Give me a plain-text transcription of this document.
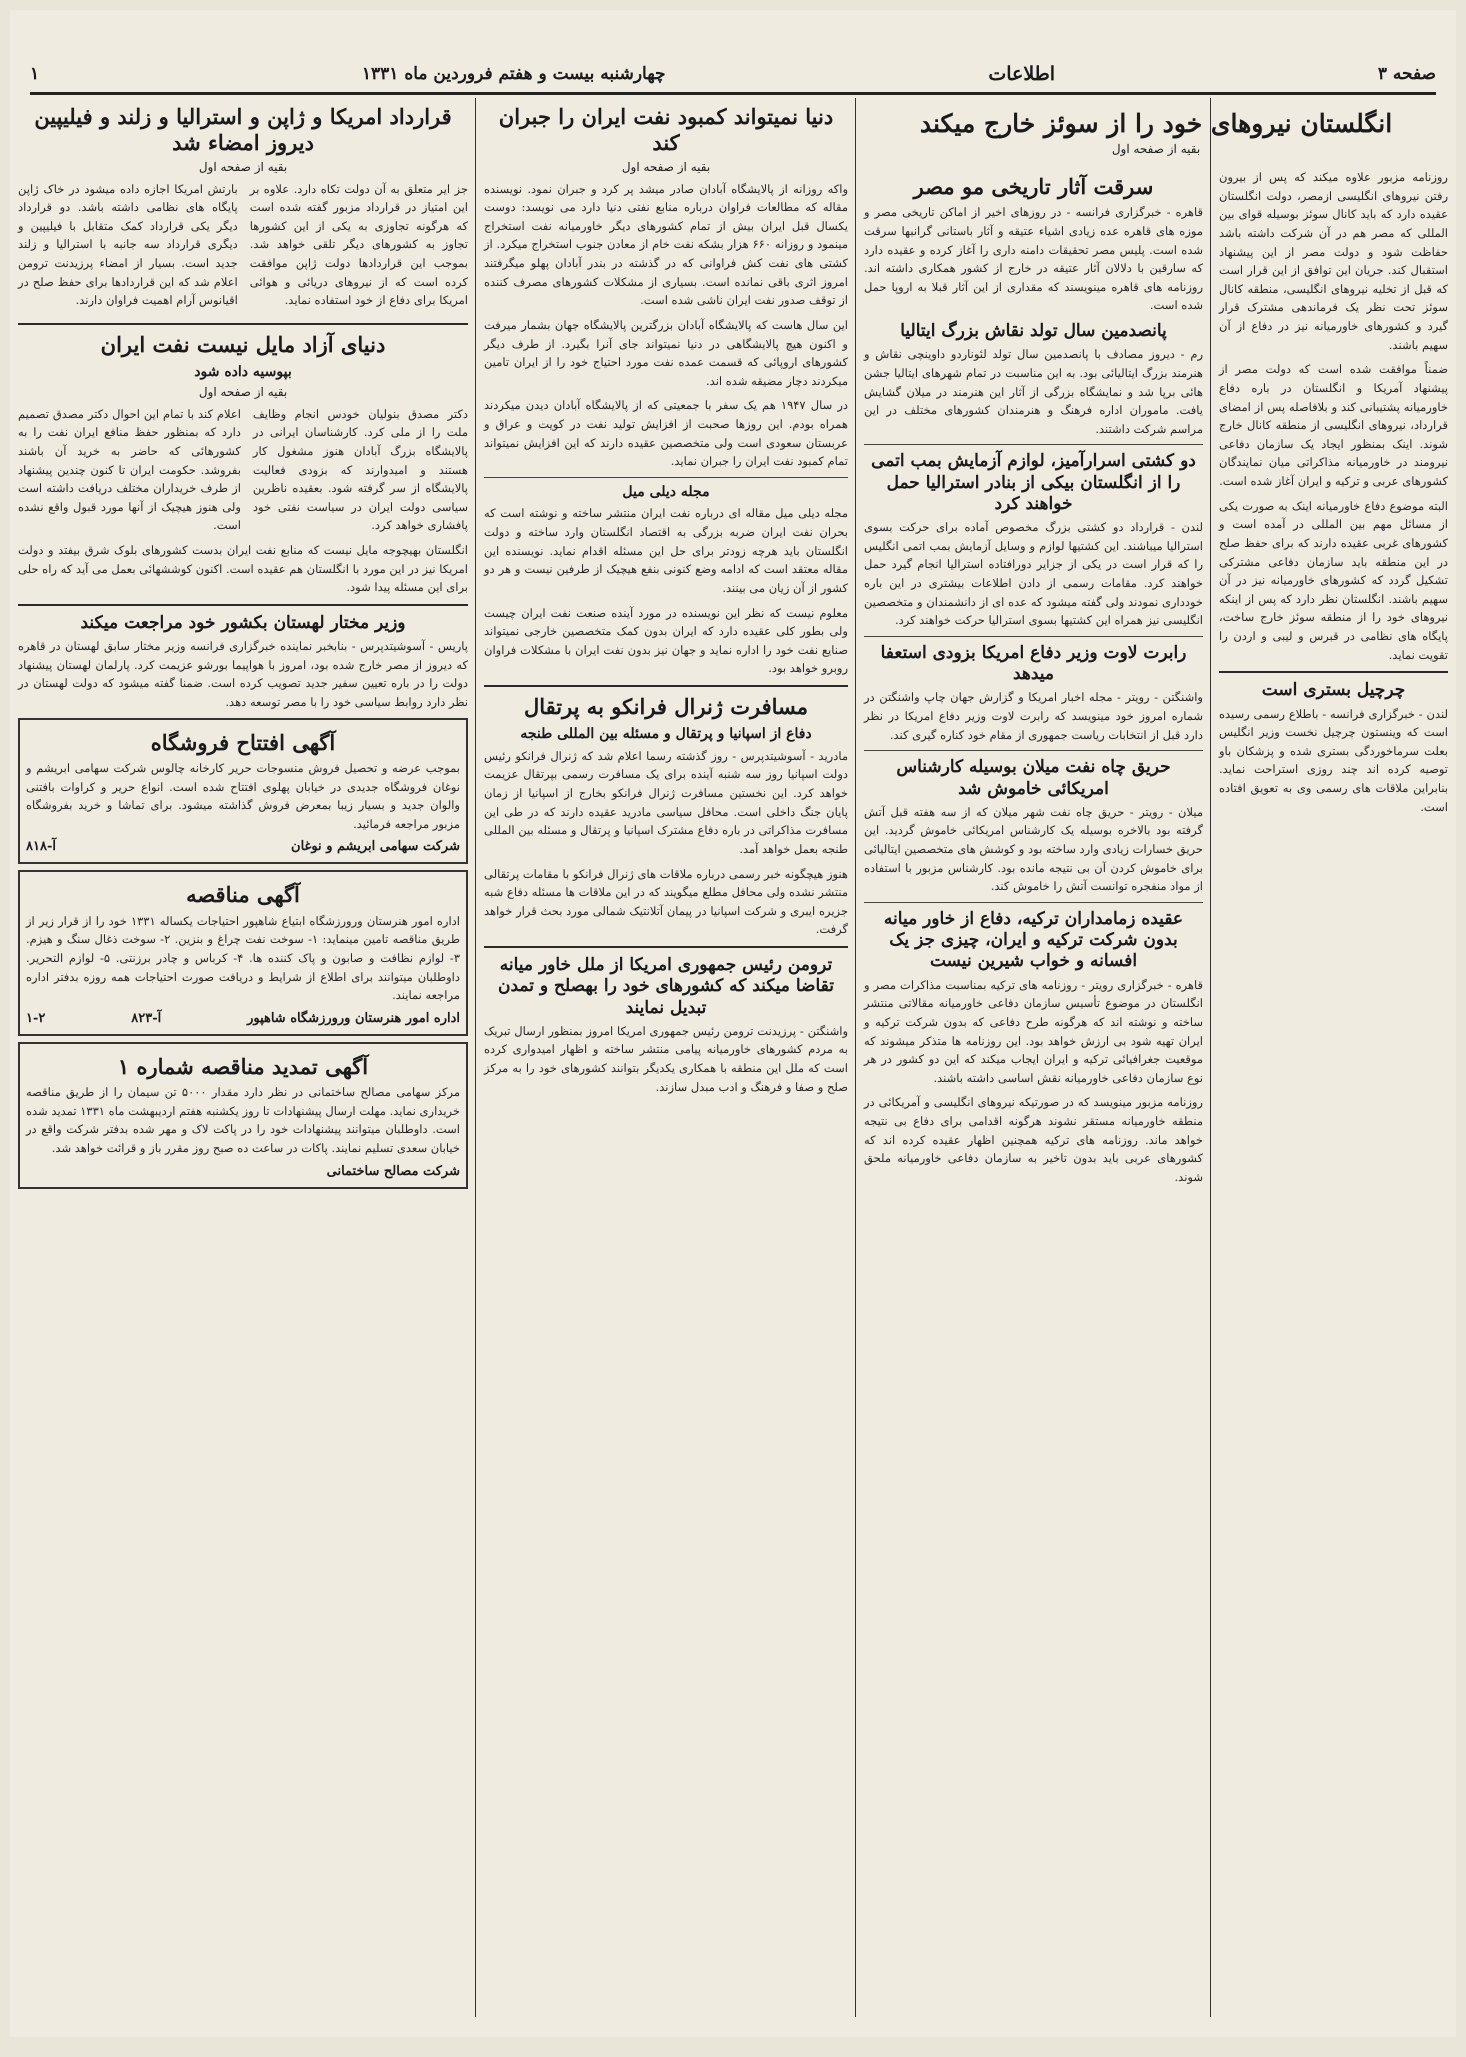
صفحه ۳
اطلاعات
چهارشنبه بیست و هفتم فروردین ماه ۱۳۳۱
۱

روزنامه مزبور علاوه میکند که پس از بیرون رفتن نیروهای انگلیسی ازمصر، دولت انگلستان عقیده دارد که باید کانال سوئز بوسیله قوای بین المللی که مصر هم در آن شرکت داشته باشد حفاظت شود و دولت مصر از این پیشنهاد استقبال کند. جریان این توافق از این قرار است که قبل از تخلیه نیروهای انگلیسی، منطقه کانال سوئز تحت نظر یک فرماندهی مشترک قرار گیرد و کشورهای خاورمیانه نیز در دفاع از آن سهیم باشند.

ضمناً موافقت شده است که دولت مصر از پیشنهاد آمریکا و انگلستان در باره دفاع خاورمیانه پشتیبانی کند و بلافاصله پس از امضای قرارداد، نیروهای انگلیسی از منطقه کانال خارج شوند. اینک بمنظور ایجاد یک سازمان دفاعی نیرومند در خاورمیانه مذاکراتی میان نمایندگان کشورهای عربی و ترکیه و ایران آغاز شده است.

البته موضوع دفاع خاورمیانه اینک به صورت یکی از مسائل مهم بین المللی در آمده است و کشورهای غربی عقیده دارند که برای حفظ صلح در این منطقه باید سازمان دفاعی مشترکی تشکیل گردد که کشورهای خاورمیانه نیز در آن سهیم باشند. انگلستان نظر دارد که پس از اینکه نیروهای خود را از منطقه سوئز خارج ساخت، پایگاه های نظامی در قبرس و لیبی و اردن را تقویت نماید.

چرچیل بستری است

لندن - خبرگزاری فرانسه - باطلاع رسمی رسیده است که وینستون چرچیل نخست وزیر انگلیس بعلت سرماخوردگی بستری شده و پزشکان باو توصیه کرده اند چند روزی استراحت نماید. بنابراین ملاقات های رسمی وی به تعویق افتاده است.

انگلستان نیروهای خود را از سوئز خارج میکند
بقیه از صفحه اول
سرقت آثار تاریخی مو مصر

قاهره - خبرگزاری فرانسه - در روزهای اخیر از اماکن تاریخی مصر و موزه های قاهره عده زیادی اشیاء عتیقه و آثار باستانی گرانبها سرقت شده است. پلیس مصر تحقیقات دامنه داری را آغاز کرده و عقیده دارد که سارقین با دلالان آثار عتیقه در خارج از کشور همکاری داشته اند. روزنامه های قاهره مینویسند که مقداری از این آثار قبلا به اروپا حمل شده است.

پانصدمین سال تولد نقاش بزرگ ایتالیا

رم - دیروز مصادف با پانصدمین سال تولد لئوناردو داوینچی نقاش و هنرمند بزرگ ایتالیائی بود. به این مناسبت در تمام شهرهای ایتالیا جشن هائی برپا شد و نمایشگاه بزرگی از آثار این هنرمند در میلان گشایش یافت. ماموران اداره فرهنگ و هنرمندان کشورهای مختلف در این مراسم شرکت داشتند.

دو کشتی اسرارآمیز، لوازم آزمایش بمب اتمی را از انگلستان بیکی از بنادر استرالیا حمل خواهند کرد

لندن - قرارداد دو کشتی بزرگ مخصوص آماده برای حرکت بسوی استرالیا میباشند. این کشتیها لوازم و وسایل آزمایش بمب اتمی انگلیس را که قرار است در یکی از جزایر دورافتاده استرالیا انجام گیرد حمل خواهند کرد. مقامات رسمی از دادن اطلاعات بیشتری در این باره خودداری نمودند ولی گفته میشود که عده ای از دانشمندان و متخصصین انگلیسی نیز همراه این کشتیها بسوی استرالیا حرکت خواهند کرد.

رابرت لاوت وزیر دفاع امریکا بزودی استعفا میدهد

واشنگتن - رویتر - مجله اخبار امریکا و گزارش جهان چاپ واشنگتن در شماره امروز خود مینویسد که رابرت لاوت وزیر دفاع امریکا در نظر دارد قبل از انتخابات ریاست جمهوری از مقام خود کناره گیری کند.

حریق چاه نفت میلان بوسیله کارشناس امریکائی خاموش شد

میلان - رویتر - حریق چاه نفت شهر میلان که از سه هفته قبل آتش گرفته بود بالاخره بوسیله یک کارشناس امریکائی خاموش گردید. این حریق خسارات زیادی وارد ساخته بود و کوشش های متخصصین ایتالیائی برای خاموش کردن آن بی نتیجه مانده بود. کارشناس مزبور با استفاده از مواد منفجره توانست آتش را خاموش کند.

عقیده زمامداران ترکیه، دفاع از خاور میانه بدون شرکت ترکیه و ایران، چیزی جز یک افسانه و خواب شیرین نیست

قاهره - خبرگزاری رویتر - روزنامه های ترکیه بمناسبت مذاکرات مصر و انگلستان در موضوع تأسیس سازمان دفاعی خاورمیانه مقالاتی منتشر ساخته و نوشته اند که هرگونه طرح دفاعی که بدون شرکت ترکیه و ایران تهیه شود بی ارزش خواهد بود. این روزنامه ها متذکر میشوند که موقعیت جغرافیائی ترکیه و ایران ایجاب میکند که این دو کشور در هر نوع سازمان دفاعی خاورمیانه نقش اساسی داشته باشند.

روزنامه مزبور مینویسد که در صورتیکه نیروهای انگلیسی و آمریکائی در منطقه خاورمیانه مستقر نشوند هرگونه اقدامی برای دفاع بی نتیجه خواهد ماند. روزنامه های ترکیه همچنین اظهار عقیده کرده اند که کشورهای عربی باید بدون تاخیر به سازمان دفاعی خاورمیانه ملحق شوند.

دنیا نمیتواند کمبود نفت ایران را جبران کند
بقیه از صفحه اول

واکه روزانه از پالایشگاه آبادان صادر میشد پر کرد و جبران نمود. نویسنده مقاله که مطالعات فراوان درباره منابع نفتی دنیا دارد می نویسد: دوست یکسال قبل ایران بیش از تمام کشورهای دیگر خاورمیانه نفت استخراج مینمود و روزانه ۶۶۰ هزار بشکه نفت خام از معادن جنوب استخراج میکرد. از کشتی های نفت کش فراوانی که در گذشته در بندر آبادان پهلو میگرفتند امروز اثری باقی نمانده است. بسیاری از مشکلات کشورهای مصرف کننده از توقف صدور نفت ایران ناشی شده است.

این سال هاست که پالایشگاه آبادان بزرگترین پالایشگاه جهان بشمار میرفت و اکنون هیچ پالایشگاهی در دنیا نمیتواند جای آنرا بگیرد. از طرف دیگر کشورهای اروپائی که قسمت عمده نفت مورد احتیاج خود را از ایران تامین میکردند دچار مضیقه شده اند.

در سال ۱۹۴۷ هم یک سفر با جمعیتی که از پالایشگاه آبادان دیدن میکردند همراه بودم. این روزها صحبت از افزایش تولید نفت در کویت و عراق و عربستان سعودی است ولی متخصصین عقیده دارند که این افزایش نمیتواند تمام کمبود نفت ایران را جبران نماید.

مجله دیلی میل

مجله دیلی میل مقاله ای درباره نفت ایران منتشر ساخته و نوشته است که بحران نفت ایران ضربه بزرگی به اقتصاد انگلستان وارد ساخته و دولت انگلستان باید هرچه زودتر برای حل این مسئله اقدام نماید. نویسنده این مقاله معتقد است که ادامه وضع کنونی بنفع هیچیک از طرفین نیست و هر دو کشور از آن زیان می بینند.

معلوم نیست که نظر این نویسنده در مورد آینده صنعت نفت ایران چیست ولی بطور کلی عقیده دارد که ایران بدون کمک متخصصین خارجی نمیتواند صنایع نفت خود را اداره نماید و جهان نیز بدون نفت ایران با مشکلات فراوان روبرو خواهد بود.

مسافرت ژنرال فرانکو به پرتقال
دفاع از اسپانیا و پرتقال و مسئله بین المللی طنجه

مادرید - آسوشیتدپرس - روز گذشته رسما اعلام شد که ژنرال فرانکو رئیس دولت اسپانیا روز سه شنبه آینده برای یک مسافرت رسمی بپرتقال عزیمت خواهد کرد. این نخستین مسافرت ژنرال فرانکو بخارج از اسپانیا از زمان پایان جنگ داخلی است. محافل سیاسی مادرید عقیده دارند که در طی این مسافرت مذاکراتی در باره دفاع مشترک اسپانیا و پرتقال و مسئله بین المللی طنجه بعمل خواهد آمد.

هنوز هیچگونه خبر رسمی درباره ملاقات های ژنرال فرانکو با مقامات پرتقالی منتشر نشده ولی محافل مطلع میگویند که در این ملاقات ها مسئله دفاع شبه جزیره ایبری و شرکت اسپانیا در پیمان آتلانتیک شمالی مورد بحث قرار خواهد گرفت.

ترومن رئیس جمهوری امریکا از ملل خاور میانه تقاضا میکند که کشورهای خود را بهصلح و تمدن تبدیل نمایند

واشنگتن - پرزیدنت ترومن رئیس جمهوری امریکا امروز بمنظور ارسال تبریک به مردم کشورهای خاورمیانه پیامی منتشر ساخته و اظهار امیدواری کرده است که ملل این منطقه با همکاری یکدیگر بتوانند کشورهای خود را به مرکز صلح و صفا و فرهنگ و ادب مبدل سازند.

قرارداد امریکا و ژاپن و استرالیا و زلند و فیلیپین دیروز امضاء شد
بقیه از صفحه اول

جز ایر متعلق به آن دولت تکاه دارد. علاوه بر این امتیاز در قرارداد مزبور گفته شده است که هرگونه تجاوزی به یکی از این کشورها تجاوز به کشورهای دیگر تلقی خواهد شد. بموجب این قراردادها دولت ژاپن موافقت کرده است که از نیروهای دریائی و هوائی امریکا برای دفاع از خود استفاده نماید.

بارتش امریکا اجازه داده میشود در خاک ژاپن پایگاه های نظامی داشته باشد. دو قرارداد دیگر یکی قرارداد کمک متقابل با فیلیپین و دیگری قرارداد سه جانبه با استرالیا و زلند جدید است. بسیار از امضاء پرزیدنت ترومن اعلام شد که این قراردادها برای حفظ صلح در اقیانوس آرام اهمیت فراوان دارند.

دنیای آزاد مایل نیست نفت ایران
بپوسیه داده شود
بقیه از صفحه اول

دکتر مصدق بنولیان خودس انجام وظایف ملت را از ملی کرد. کارشناسان ایرانی در پالایشگاه بزرگ آبادان هنوز مشغول کار هستند و امیدوارند که بزودی فعالیت پالایشگاه از سر گرفته شود. بعقیده ناظرین سیاسی دولت ایران در سیاست نفتی خود پافشاری خواهد کرد.

اعلام کند با تمام این احوال دکتر مصدق تصمیم دارد که بمنظور حفظ منافع ایران نفت را به کشورهائی که حاضر به خرید آن باشند بفروشد. حکومت ایران تا کنون چندین پیشنهاد از طرف خریداران مختلف دریافت داشته است ولی هنوز هیچیک از آنها مورد قبول واقع نشده است.

انگلستان بهیچوجه مایل نیست که منابع نفت ایران بدست کشورهای بلوک شرق بیفتد و دولت امریکا نیز در این مورد با انگلستان هم عقیده است. اکنون کوششهائی بعمل می آید که راه حلی برای این مسئله پیدا شود.

وزیر مختار لهستان بکشور خود مراجعت میکند

پاریس - آسوشیتدپرس - بنابخبر نماینده خبرگزاری فرانسه وزیر مختار سابق لهستان در قاهره که دیروز از مصر خارج شده بود، امروز با هواپیما بورشو عزیمت کرد. پارلمان لهستان پیشنهاد دولت را در باره تعیین سفیر جدید تصویب کرده است. ضمنا گفته میشود که دولت لهستان در نظر دارد روابط سیاسی خود را با مصر توسعه دهد.

آگهی افتتاح فروشگاه

بموجب عرضه و تحصیل فروش منسوجات حریر کارخانه چالوس شرکت سهامی ابریشم و نوغان فروشگاه جدیدی در خیابان پهلوی افتتاح شده است. انواع حریر و کراوات بافتنی والوان جدید و بسیار زیبا بمعرض فروش گذاشته میشود. برای تماشا و خرید بفروشگاه مزبور مراجعه فرمائید.

شرکت سهامی ابریشم و نوغان
آ-۸۱۸
آگهی مناقصه

اداره امور هنرستان ورورزشگاه ابتیاع شاهپور احتیاجات یکساله ۱۳۳۱ خود را از قرار زیر از طریق مناقصه تامین مینماید: ۱- سوخت نفت چراغ و بنزین. ۲- سوخت ذغال سنگ و هیزم. ۳- لوازم نظافت و صابون و پاک کننده ها. ۴- کرباس و چادر برزنتی. ۵- لوازم التحریر. داوطلبان میتوانند برای اطلاع از شرایط و دریافت صورت احتیاجات همه روزه بدفتر اداره مراجعه نمایند.

اداره امور هنرستان ورورزشگاه شاهپور
آ-۸۲۳
۱-۲
آگهی تمدید مناقصه شماره ۱

مرکز سهامی مصالح ساختمانی در نظر دارد مقدار ۵۰۰۰ تن سیمان را از طریق مناقصه خریداری نماید. مهلت ارسال پیشنهادات تا روز یکشنبه هفتم اردیبهشت ماه ۱۳۳۱ تمدید شده است. داوطلبان میتوانند پیشنهادات خود را در پاکت لاک و مهر شده بدفتر شرکت واقع در خیابان سعدی تسلیم نمایند. پاکات در ساعت ده صبح روز مقرر باز و قرائت خواهد شد.

شرکت مصالح ساختمانی
